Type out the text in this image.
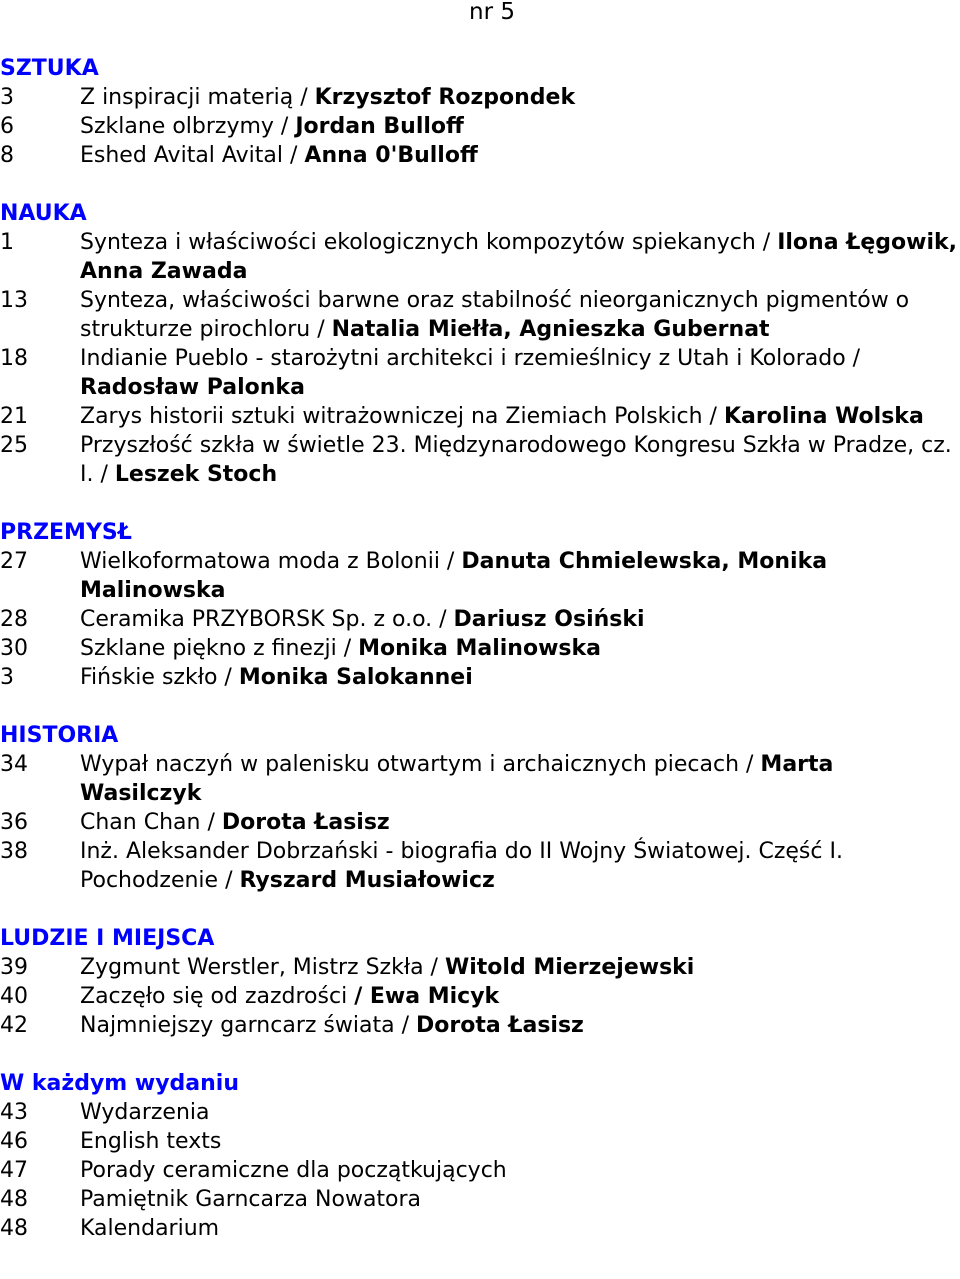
nr 5
SZTUKA
3	Z inspiracji materią / Krzysztof Rozpondek
6	Szklane olbrzymy / Jordan Bulloff
8	Eshed Avital Avital / Anna 0'Bulloff
NAUKA
1	Synteza i właściwości ekologicznych kompozytów spiekanych / Ilona Łęgowik, Anna Zawada
13	Synteza, właściwości barwne oraz stabilność nieorganicznych pigmentów o strukturze pirochloru / Natalia Miełła, Agnieszka Gubernat
18	Indianie Pueblo - starożytni architekci i rzemieślnicy z Utah i Kolorado / Radosław Palonka
21	Zarys historii sztuki witrażowniczej na Ziemiach Polskich / Karolina Wolska
25	Przyszłość szkła w świetle 23. Międzynarodowego Kongresu Szkła w Pradze, cz. I. / Leszek Stoch
PRZEMYSŁ
27	Wielkoformatowa moda z Bolonii / Danuta Chmielewska, Monika Malinowska
28	Ceramika PRZYBORSK Sp. z o.o. / Dariusz Osiński
30	Szklane piękno z finezji / Monika Malinowska
3	Fińskie szkło / Monika Salokannei
HISTORIA
34	Wypał naczyń w palenisku otwartym i archaicznych piecach / Marta Wasilczyk
36	Chan Chan / Dorota Łasisz
38	Inż. Aleksander Dobrzański - biografia do II Wojny Światowej. Część I. Pochodzenie / Ryszard Musiałowicz
LUDZIE I MIEJSCA
39	Zygmunt Werstler, Mistrz Szkła / Witold Mierzejewski
40	Zaczęło się od zazdrości / Ewa Micyk
42	Najmniejszy garncarz świata / Dorota Łasisz
W każdym wydaniu
43	Wydarzenia
46	English texts
47	Porady ceramiczne dla początkujących
48	Pamiętnik Garncarza Nowatora
48	Kalendarium
